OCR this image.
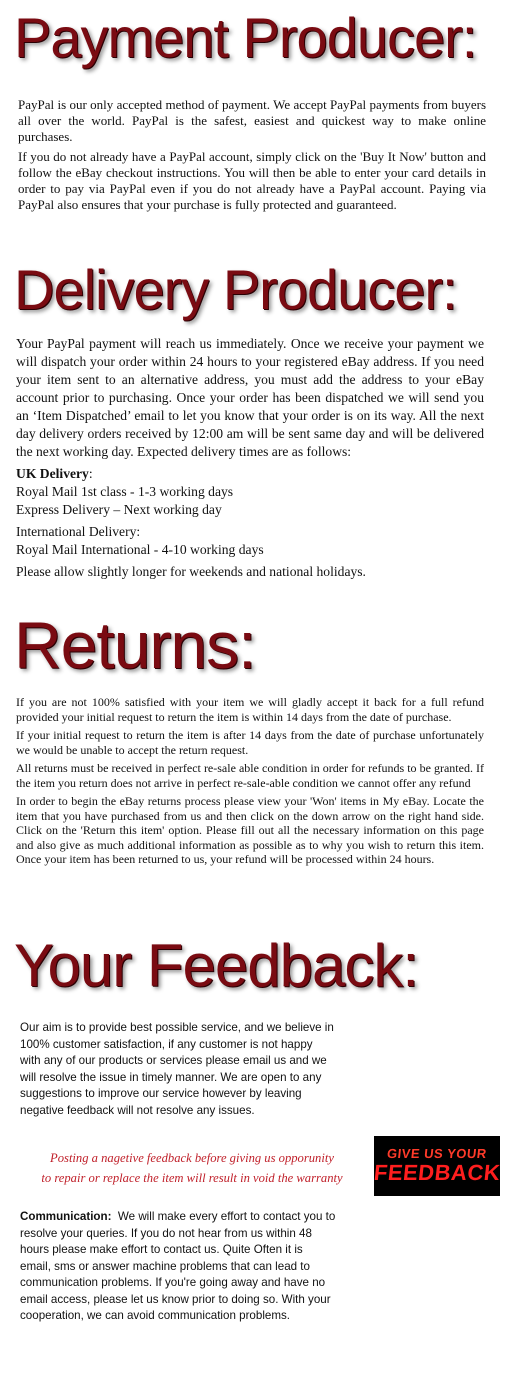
Payment Producer:

PayPal is our only accepted method of payment. We accept PayPal payments from buyers all over the world. PayPal is the safest, easiest and quickest way to make online purchases.

If you do not already have a PayPal account, simply click on the 'Buy It Now' button and follow the eBay checkout instructions. You will then be able to enter your card details in order to pay via PayPal even if you do not already have a PayPal account. Paying via PayPal also ensures that your purchase is fully protected and guaranteed.

Delivery Producer:

Your PayPal payment will reach us immediately. Once we receive your payment we will dispatch your order within 24 hours to your registered eBay address. If you need your item sent to an alternative address, you must add the address to your eBay account prior to purchasing. Once your order has been dispatched we will send you an ‘Item Dispatched’ email to let you know that your order is on its way. All the next day delivery orders received by 12:00 am will be sent same day and will be delivered the next working day. Expected delivery times are as follows:

UK Delivery:
Royal Mail 1st class - 1-3 working days
Express Delivery – Next working day
International Delivery:
Royal Mail International - 4-10 working days

Please allow slightly longer for weekends and national holidays.

Returns:

If you are not 100% satisfied with your item we will gladly accept it back for a full refund provided your initial request to return the item is within 14 days from the date of purchase.

If your initial request to return the item is after 14 days from the date of purchase unfortunately we would be unable to accept the return request.

All returns must be received in perfect re-sale able condition in order for refunds to be granted. If the item you return does not arrive in perfect re-sale-able condition we cannot offer any refund

In order to begin the eBay returns process please view your 'Won' items in My eBay. Locate the item that you have purchased from us and then click on the down arrow on the right hand side. Click on the 'Return this item' option. Please fill out all the necessary information on this page and also give as much additional information as possible as to why you wish to return this item. Once your item has been returned to us, your refund will be processed within 24 hours.

Your Feedback:
Our aim is to provide best possible service, and we believe in
100% customer satisfaction, if any customer is not happy
with any of our products or services please email us and we
will resolve the issue in timely manner. We are open to any
suggestions to improve our service however by leaving
negative feedback will not resolve any issues.
Posting a nagetive feedback before giving us opporunity
to repair or replace the item will result in void the warranty
GIVE US YOUR
FEEDBACK
Communication:  We will make every effort to contact you to
resolve your queries. If you do not hear from us within 48
hours please make effort to contact us. Quite Often it is
email, sms or answer machine problems that can lead to
communication problems. If you're going away and have no
email access, please let us know prior to doing so. With your
cooperation, we can avoid communication problems.
